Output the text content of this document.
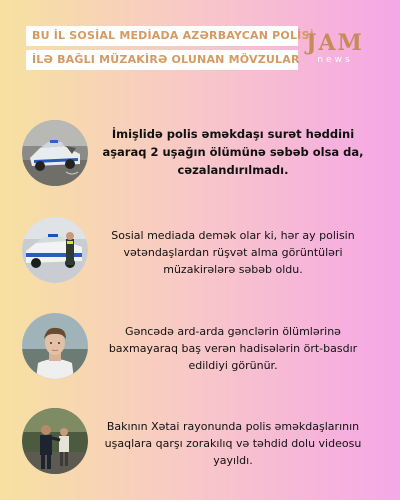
BU İL SOSİAL MEDİADA AZƏRBAYCAN POLİSİ
İLƏ BAĞLI MÜZAKİRƏ OLUNAN MÖVZULAR
JAM
news
İmişlidə polis əməkdaşı surət həddini aşaraq 2 uşağın ölümünə səbəb olsa da, cəzalandırılmadı.
Sosial mediada demək olar ki, hər ay polisin vətəndaşlardan rüşvət alma görüntüləri müzakirələrə səbəb oldu.
Gəncədə ard-arda gənclərin ölümlərinə baxmayaraq baş verən hadisələrin ört-basdır edildiyi görünür.
Bakının Xətai rayonunda polis əməkdaşlarının uşaqlara qarşı zorakılıq və təhdid dolu videosu yayıldı.
